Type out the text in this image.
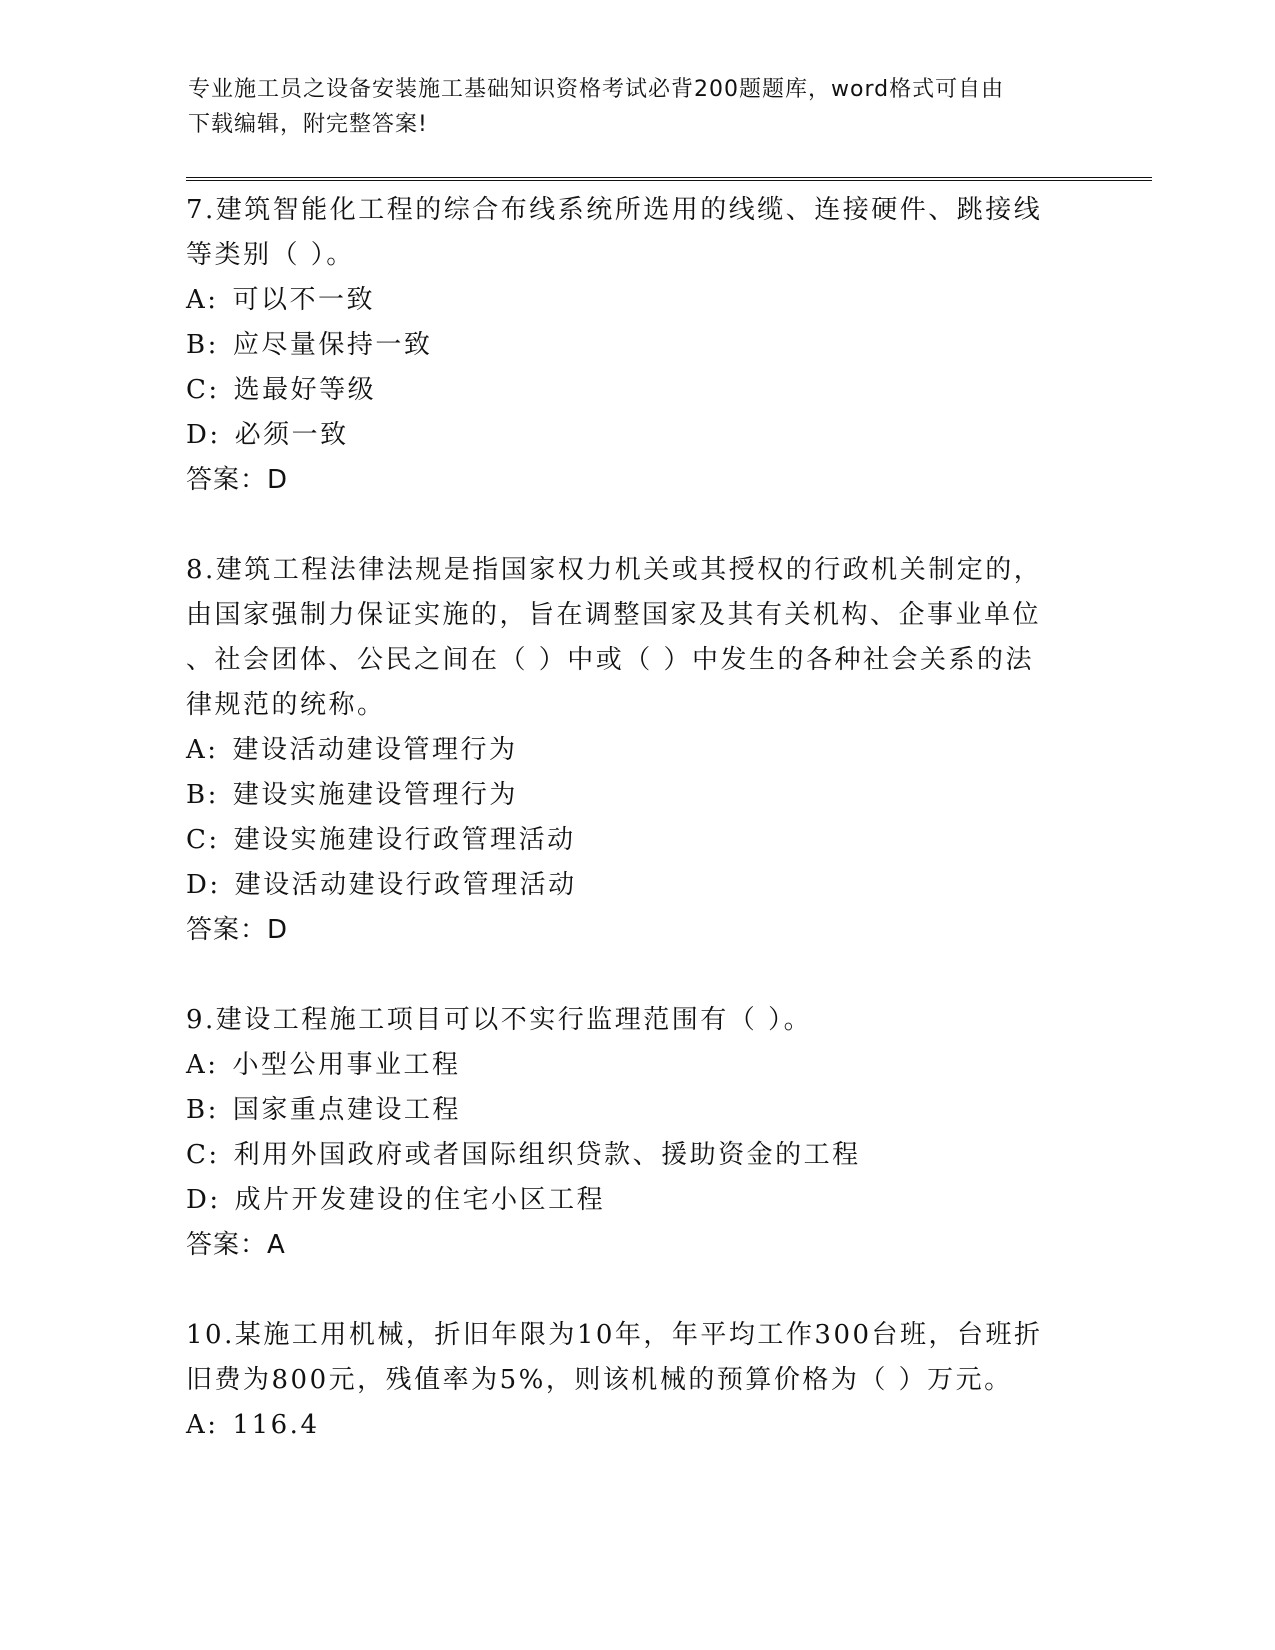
专业施工员之设备安装施工基础知识资格考试必背200题题库，word格式可自由
下载编辑，附完整答案!
7.建筑智能化工程的综合布线系统所选用的线缆、连接硬件、跳接线
等类别（ ）。
A: 可以不一致
B: 应尽量保持一致
C: 选最好等级
D: 必须一致
答案：D
8.建筑工程法律法规是指国家权力机关或其授权的行政机关制定的，
由国家强制力保证实施的，旨在调整国家及其有关机构、企事业单位
、社会团体、公民之间在（ ）中或（ ）中发生的各种社会关系的法
律规范的统称。
A: 建设活动建设管理行为
B: 建设实施建设管理行为
C: 建设实施建设行政管理活动
D: 建设活动建设行政管理活动
答案：D
9.建设工程施工项目可以不实行监理范围有（ ）。
A: 小型公用事业工程
B: 国家重点建设工程
C: 利用外国政府或者国际组织贷款、援助资金的工程
D: 成片开发建设的住宅小区工程
答案：A
10.某施工用机械，折旧年限为10年，年平均工作300台班，台班折
旧费为800元，残值率为5%，则该机械的预算价格为（ ）万元。
A: 116.4
